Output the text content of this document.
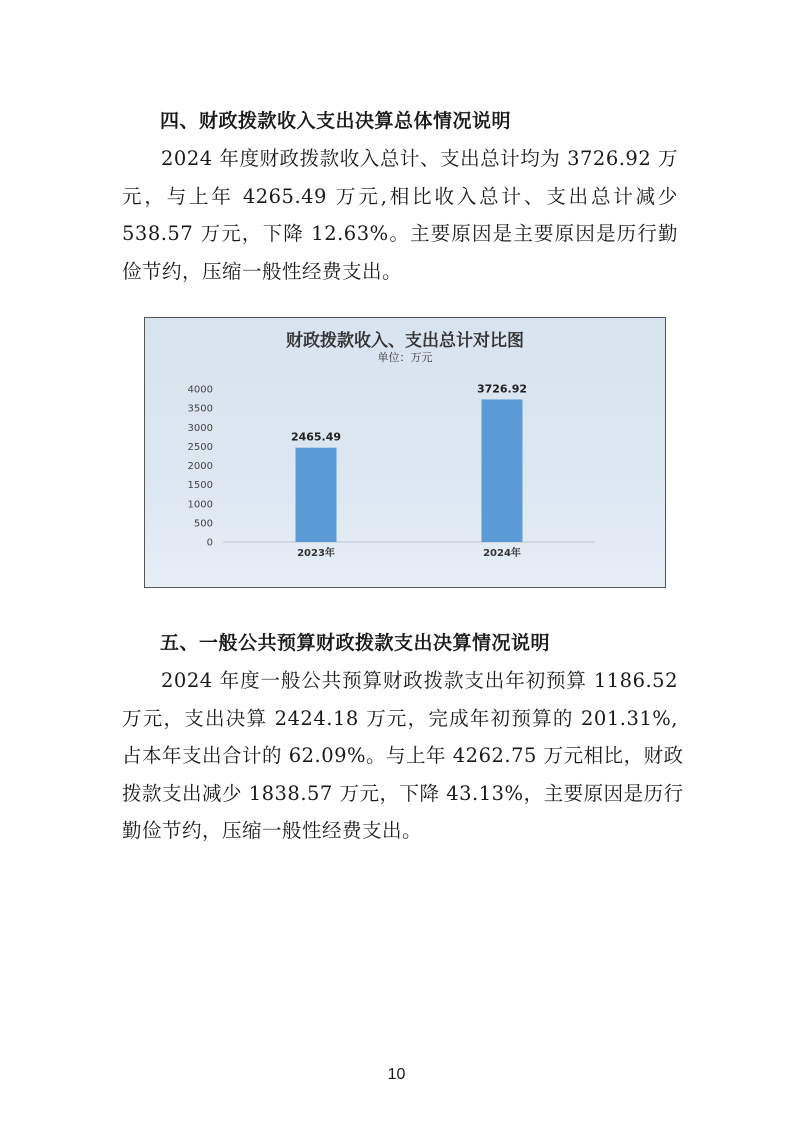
四、财政拨款收入支出决算总体情况说明
2024 年度财政拨款收入总计、支出总计均为 3726.92 万
元，与上年 4265.49 万元,相比收入总计、支出总计减少
538.57 万元，下降 12.63%。主要原因是主要原因是历行勤
俭节约，压缩一般性经费支出。
财政拨款收入、支出总计对比图
单位：万元
0
500
1000
1500
2000
2500
3000
3500
4000
2465.49
2023年
3726.92
2024年
五、一般公共预算财政拨款支出决算情况说明
2024 年度一般公共预算财政拨款支出年初预算 1186.52
万元，支出决算 2424.18 万元，完成年初预算的 201.31%,
占本年支出合计的 62.09%。与上年 4262.75 万元相比，财政
拨款支出减少 1838.57 万元，下降 43.13%，主要原因是历行
勤俭节约，压缩一般性经费支出。
10
